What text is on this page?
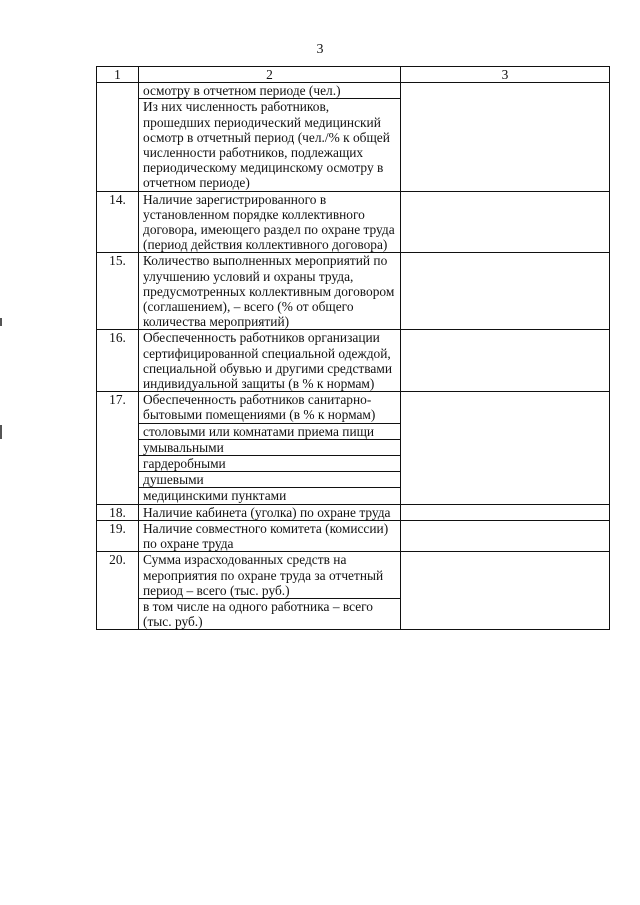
3
1	2	3
	осмотру в отчетном периоде (чел.)	
	Из них численность работников, прошедших периодический медицинский осмотр в отчетный период (чел./% к общей численности работников, подлежащих периодическому медицинскому осмотру в отчетном периоде)	
14.	Наличие зарегистрированного в установленном порядке коллективного договора, имеющего раздел по охране труда (период действия коллективного договора)	
15.	Количество выполненных мероприятий по улучшению условий и охраны труда, предусмотренных коллективным договором (соглашением), – всего (% от общего количества мероприятий)	
16.	Обеспеченность работников организации сертифицированной специальной одеждой, специальной обувью и другими средствами индивидуальной защиты (в % к нормам)	
17.	Обеспеченность работников санитарно-бытовыми помещениями (в % к нормам)	
	столовыми или комнатами приема пищи	
	умывальными	
	гардеробными	
	душевыми	
	медицинскими пунктами	
18.	Наличие кабинета (уголка) по охране труда	
19.	Наличие совместного комитета (комиссии) по охране труда	
20.	Сумма израсходованных средств на мероприятия по охране труда за отчетный период – всего (тыс. руб.)	
	в том числе на одного работника – всего (тыс. руб.)	
